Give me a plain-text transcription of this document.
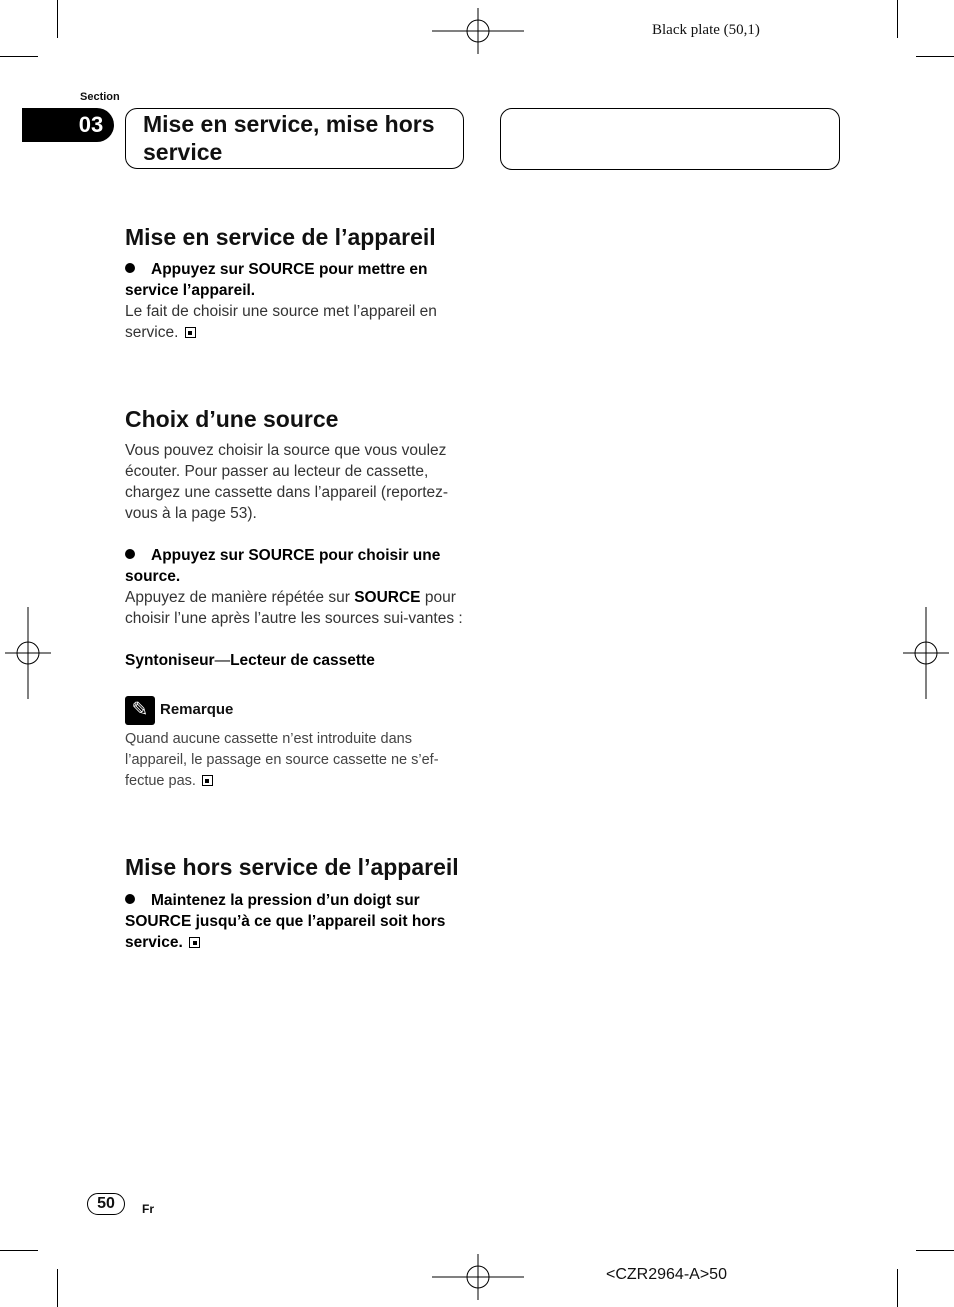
Black plate (50,1)
Section
03	Mise en service, mise hors service
Mise en service de l’appareil

Appuyez sur SOURCE pour mettre en service l’appareil.

Le fait de choisir une source met l’appareil en service.

Choix d’une source

Vous pouvez choisir la source que vous voulez écouter. Pour passer au lecteur de cassette, chargez une cassette dans l’appareil (reportez-vous à la page 53).

Appuyez sur SOURCE pour choisir une source.

Appuyez de manière répétée sur SOURCE pour choisir l’une après l’autre les sources sui-vantes :

Syntoniseur—Lecteur de cassette

✎ Remarque

Quand aucune cassette n’est introduite dans l’appareil, le passage en source cassette ne s’ef-fectue pas.

Mise hors service de l’appareil

Maintenez la pression d’un doigt sur SOURCE jusqu’à ce que l’appareil soit hors service.

50	Fr
<CZR2964-A>50
